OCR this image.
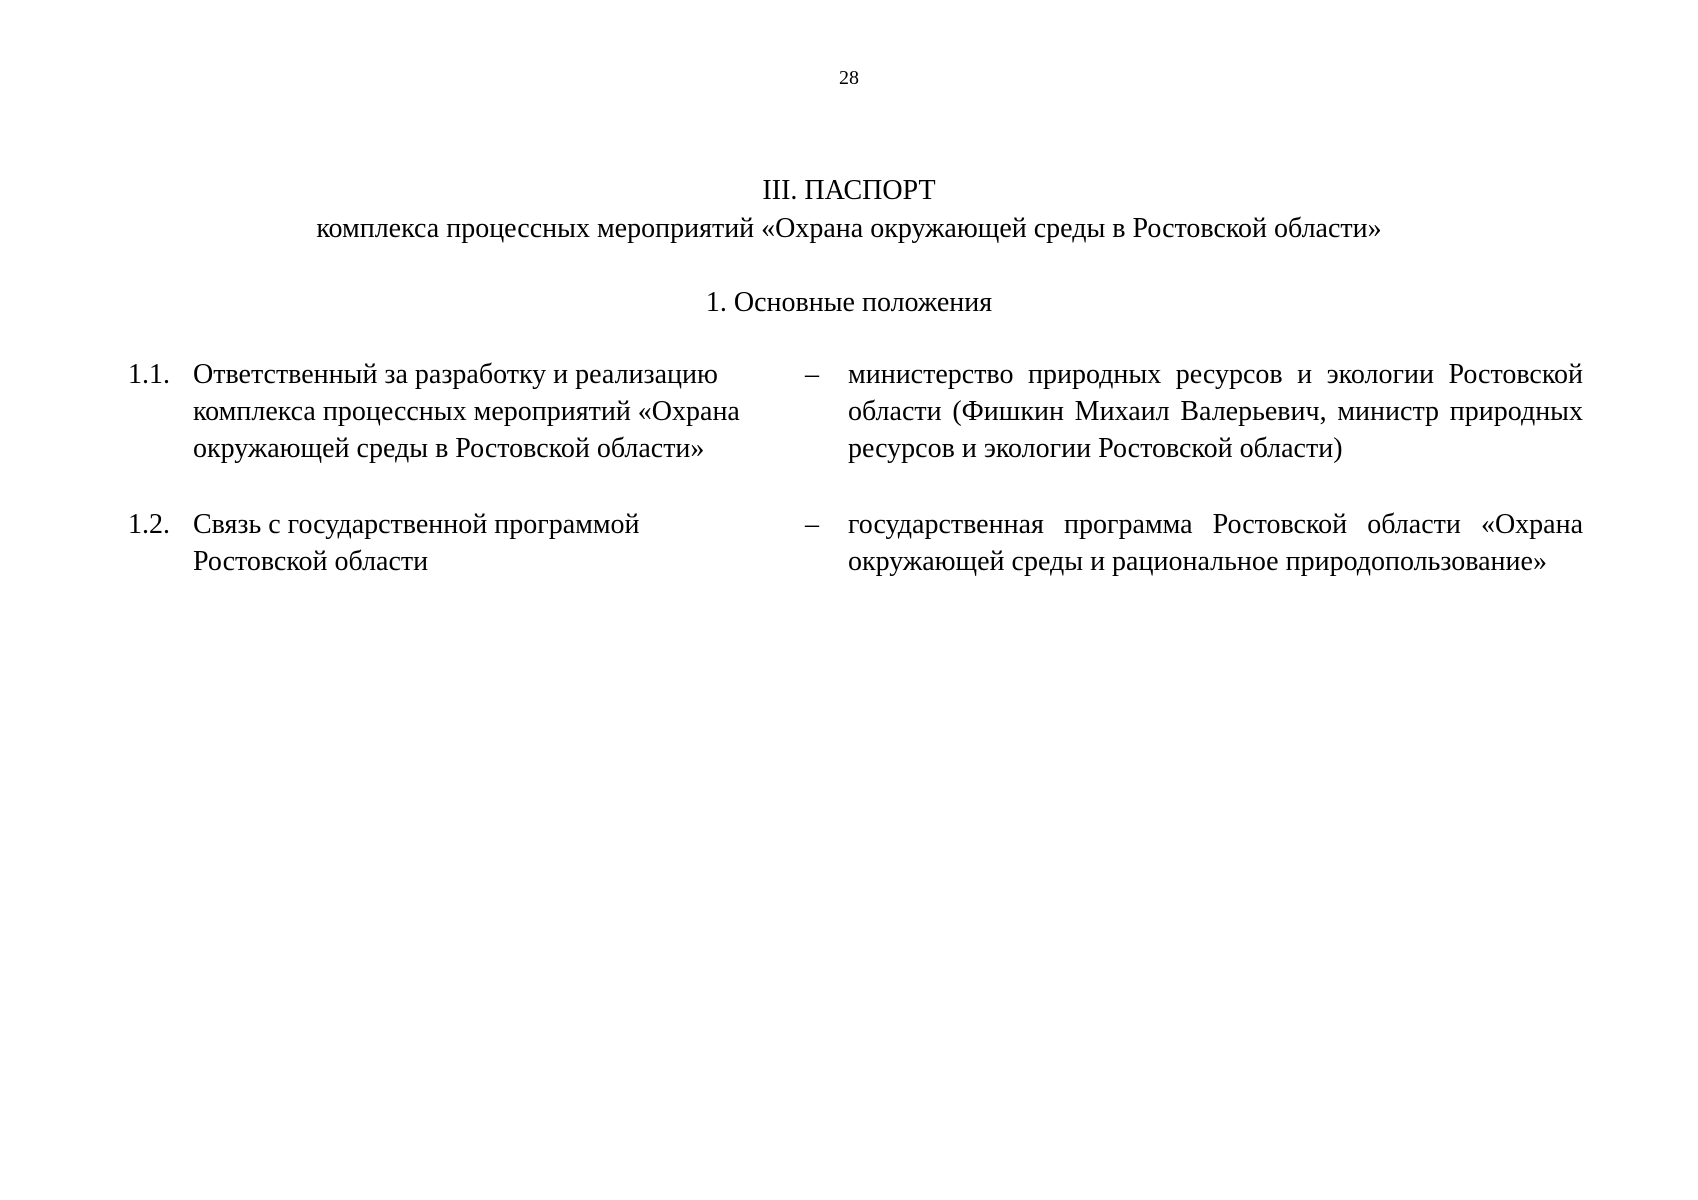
28
III. ПАСПОРТ
комплекса процессных мероприятий «Охрана окружающей среды в Ростовской области»
1. Основные положения
1.1. Ответственный за разработку и реализацию
комплекса процессных мероприятий «Охрана
окружающей среды в Ростовской области»
– министерство природных ресурсов и экологии Ростовской области (Фишкин Михаил Валерьевич, министр природных ресурсов и экологии Ростовской области)
1.2. Связь с государственной программой
Ростовской области
– государственная программа Ростовской области «Охрана окружающей среды и рациональное природопользование»
